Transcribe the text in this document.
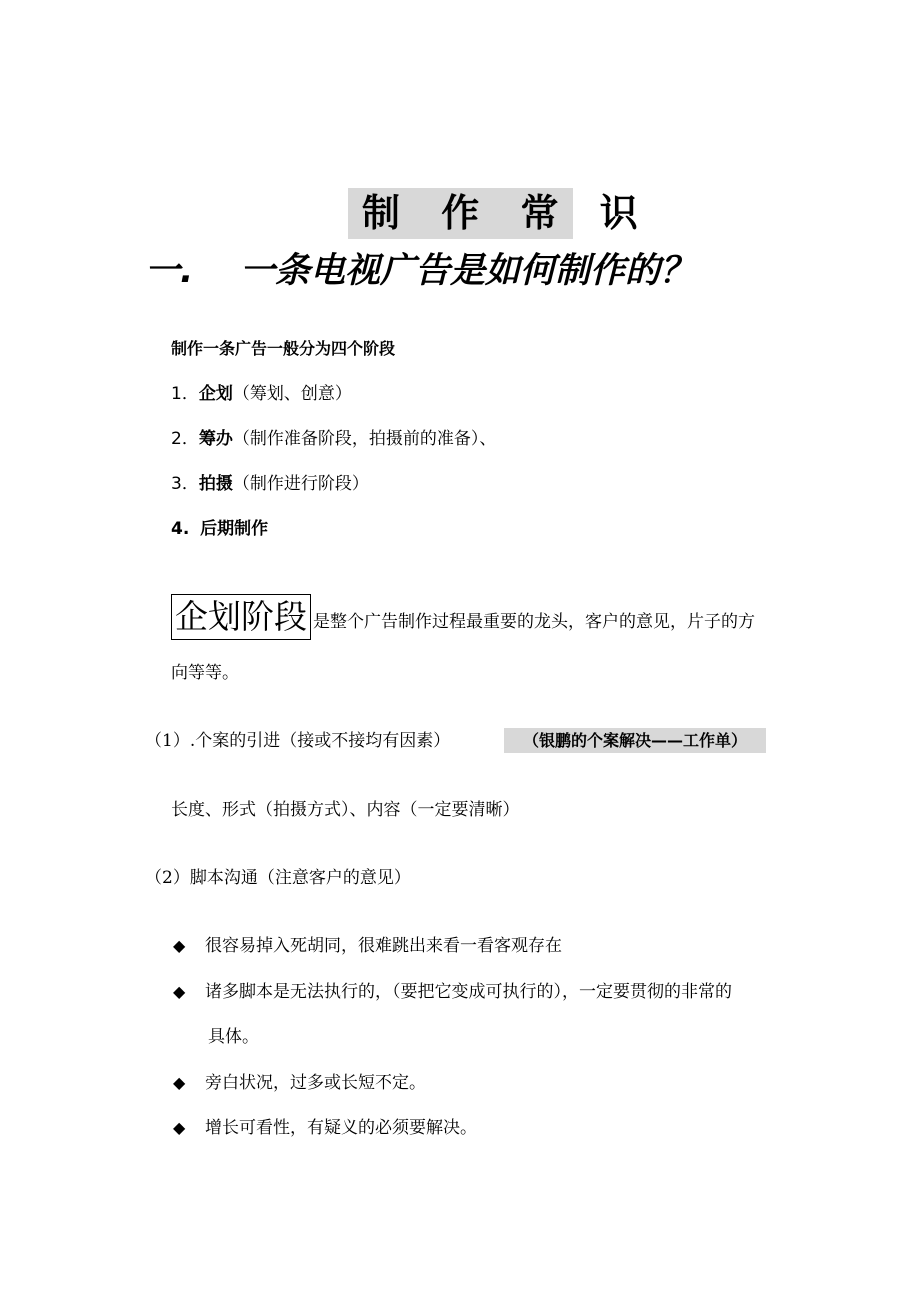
制 作 常 识
一. 一条电视广告是如何制作的？
制作一条广告一般分为四个阶段
1．企划（筹划、创意）
2．筹办（制作准备阶段，拍摄前的准备）、
3．拍摄（制作进行阶段）
4. 后期制作
企划阶段 是整个广告制作过程最重要的龙头，客户的意见，片子的方
向等等。
（1）.个案的引进（接或不接均有因素）	（银鹏的个案解决——工作单）
长度、形式（拍摄方式）、内容（一定要清晰）
（2）脚本沟通（注意客户的意见）
◆ 很容易掉入死胡同，很难跳出来看一看客观存在
◆ 诸多脚本是无法执行的，（要把它变成可执行的），一定要贯彻的非常的
具体。
◆ 旁白状况，过多或长短不定。
◆ 增长可看性，有疑义的必须要解决。
